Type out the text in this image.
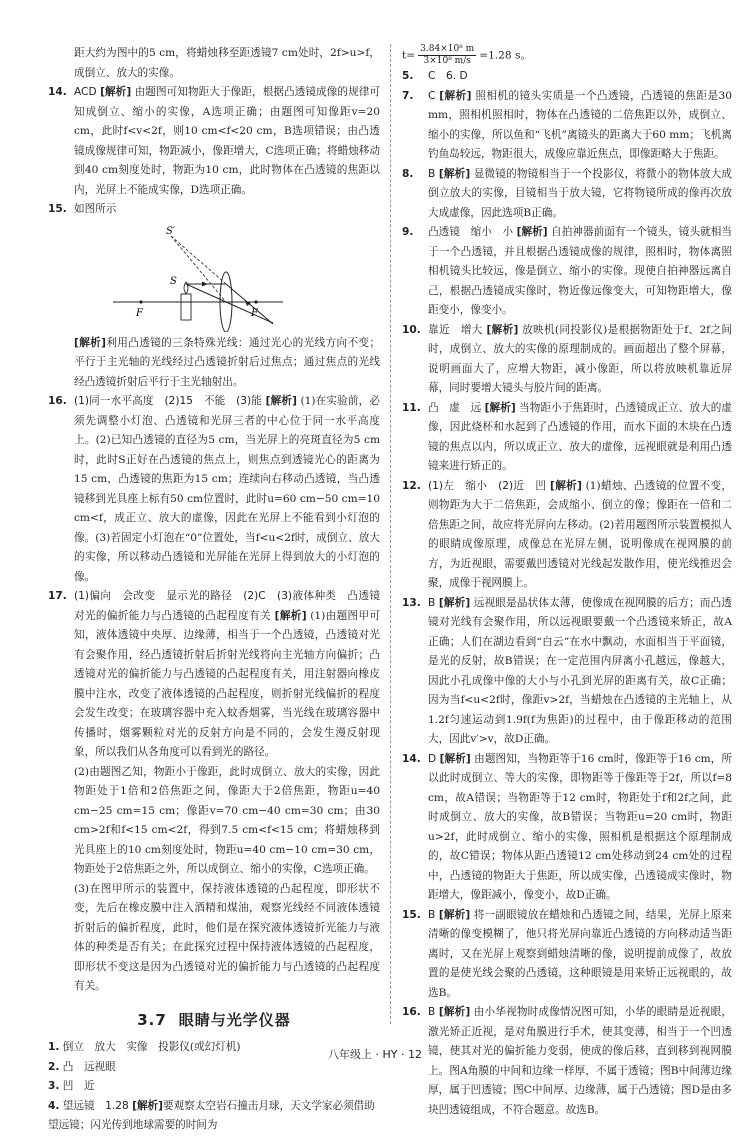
距大约为图中的5 cm，将蜡烛移至距透镜7 cm处时，2f>u>f，成倒立、放大的实像。

14. ACD [解析] 由题图可知物距大于像距，根据凸透镜成像的规律可知成倒立、缩小的实像，A选项正确；由题图可知像距v=20 cm，此时f<v<2f，则10 cm<f<20 cm，B选项错误；由凸透镜成像规律可知，物距减小，像距增大，C选项正确；将蜡烛移动到40 cm刻度处时，物距为10 cm，此时物体在凸透镜的焦距以内，光屏上不能成实像，D选项正确。
15. 如图所示
S′
S
F	F

[解析]利用凸透镜的三条特殊光线：通过光心的光线方向不变；平行于主光轴的光线经过凸透镜折射后过焦点；通过焦点的光线经凸透镜折射后平行于主光轴射出。

16. (1)同一水平高度　(2)15　不能　(3)能 [解析] (1)在实验前，必须先调整小灯泡、凸透镜和光屏三者的中心位于同一水平高度上。(2)已知凸透镜的直径为5 cm，当光屏上的亮斑直径为5 cm时，此时S正好在凸透镜的焦点上，则焦点到透镜光心的距离为15 cm，凸透镜的焦距为15 cm；连续向右移动凸透镜，当凸透镜移到光具座上标有50 cm位置时，此时u=60 cm−50 cm=10 cm<f，成正立、放大的虚像，因此在光屏上不能看到小灯泡的像。(3)若固定小灯泡在“0”位置处，当f<u<2f时，成倒立、放大的实像，所以移动凸透镜和光屏能在光屏上得到放大的小灯泡的像。
17. (1)偏向　会改变　显示光的路径　(2)C　(3)液体种类　凸透镜对光的偏折能力与凸透镜的凸起程度有关 [解析] (1)由题图甲可知，液体透镜中央厚、边缘薄，相当于一个凸透镜，凸透镜对光有会聚作用，经凸透镜折射后折射光线将向主光轴方向偏折；凸透镜对光的偏折能力与凸透镜的凸起程度有关，用注射器向橡皮膜中注水，改变了液体透镜的凸起程度，则折射光线偏折的程度会发生改变；在玻璃容器中充入蚊香烟雾，当光线在玻璃容器中传播时，烟雾颗粒对光的反射方向是不同的，会发生漫反射现象，所以我们从各角度可以看到光的路径。

(2)由题图乙知，物距小于像距，此时成倒立、放大的实像，因此物距处于1倍和2倍焦距之间，像距大于2倍焦距，物距u=40 cm−25 cm=15 cm；像距v=70 cm−40 cm=30 cm；由30 cm>2f和f<15 cm<2f，得到7.5 cm<f<15 cm；将蜡烛移到光具座上的10 cm刻度处时，物距u=40 cm−10 cm=30 cm，物距处于2倍焦距之外，所以成倒立、缩小的实像，C选项正确。

(3)在图甲所示的装置中，保持液体透镜的凸起程度，即形状不变，先后在橡皮膜中注入酒精和煤油，观察光线经不同液体透镜折射后的偏折程度，此时，他们是在探究液体透镜折光能力与液体的种类是否有关；在此探究过程中保持液体透镜的凸起程度，即形状不变这是因为凸透镜对光的偏折能力与凸透镜的凸起程度有关。

3.7 眼睛与光学仪器

1. 倒立　放大　实像　投影仪(或幻灯机)

2. 凸　远视眼

3. 凹　近

4. 望远镜　1.28 [解析]要观察太空岩石撞击月球，天文学家必须借助望远镜；闪光传到地球需要的时间为

$t= \frac{\text{3.84×10⁸ m}}{\text{3×10⁸ m/s}} =1.28$ s。

5. C　6. D
7. C [解析] 照相机的镜头实质是一个凸透镜，凸透镜的焦距是30 mm，照相机照相时，物体在凸透镜的二倍焦距以外，成倒立、缩小的实像，所以鱼和“飞机”离镜头的距离大于60 mm；飞机离钓鱼岛较远，物距很大，成像应靠近焦点，即像距略大于焦距。
8. B [解析] 显微镜的物镜相当于一个投影仪，将微小的物体放大成倒立放大的实像，目镜相当于放大镜，它将物镜所成的像再次放大成虚像，因此选项B正确。
9. 凸透镜　缩小　小 [解析] 自拍神器前面有一个镜头，镜头就相当于一个凸透镜，并且根据凸透镜成像的规律，照相时，物体离照相机镜头比较远，像是倒立、缩小的实像。现使自拍神器远离自己，根据凸透镜成实像时，物近像远像变大，可知物距增大，像距变小，像变小。
10. 靠近　增大 [解析] 放映机(同投影仪)是根据物距处于f、2f之间时，成倒立、放大的实像的原理制成的。画面超出了整个屏幕，说明画面大了，应增大物距，减小像距，所以将放映机靠近屏幕，同时要增大镜头与胶片间的距离。
11. 凸　虚　远 [解析] 当物距小于焦距时，凸透镜成正立、放大的虚像，因此烧杯和水起到了凸透镜的作用，而水下面的木块在凸透镜的焦点以内，所以成正立、放大的虚像，远视眼就是利用凸透镜来进行矫正的。
12. (1)左　缩小　(2)近　凹 [解析] (1)蜡烛、凸透镜的位置不变，则物距为大于二倍焦距，会成缩小、倒立的像；像距在一倍和二倍焦距之间，故应将光屏向左移动。(2)若用题图所示装置模拟人的眼睛成像原理，成像总在光屏左侧，说明像成在视网膜的前方，为近视眼，需要戴凹透镜对光线起发散作用，使光线推迟会聚，成像于视网膜上。
13. B [解析] 远视眼是晶状体太薄，使像成在视网膜的后方；而凸透镜对光线有会聚作用，所以远视眼要戴一个凸透镜来矫正，故A正确；人们在湖边看到“白云”在水中飘动，水面相当于平面镜，是光的反射，故B错误；在一定范围内屏离小孔越远，像越大，因此小孔成像中像的大小与小孔到光屏的距离有关，故C正确；因为当f<u<2f时，像距v>2f，当蜡烛在凸透镜的主光轴上，从1.2f匀速运动到1.9f(f为焦距)的过程中，由于像距移动的范围大，因此v′>v，故D正确。
14. D [解析] 由题图知，当物距等于16 cm时，像距等于16 cm，所以此时成倒立、等大的实像，即物距等于像距等于2f，所以f=8 cm，故A错误；当物距等于12 cm时，物距处于f和2f之间，此时成倒立、放大的实像，故B错误；当物距u=20 cm时，物距u>2f，此时成倒立、缩小的实像，照相机是根据这个原理制成的，故C错误；物体从距凸透镜12 cm处移动到24 cm处的过程中，凸透镜的物距大于焦距，所以成实像，凸透镜成实像时，物距增大，像距减小，像变小，故D正确。
15. B [解析] 将一副眼镜放在蜡烛和凸透镜之间，结果，光屏上原来清晰的像变模糊了，他只将光屏向靠近凸透镜的方向移动适当距离时，又在光屏上观察到蜡烛清晰的像，说明提前成像了，故放置的是使光线会聚的凸透镜，这种眼镜是用来矫正远视眼的，故选B。
16. B [解析] 由小华视物时成像情况图可知，小华的眼睛是近视眼，激光矫正近视，是对角膜进行手术，使其变薄，相当于一个凹透镜，使其对光的偏折能力变弱，使成的像后移，直到移到视网膜上。图A角膜的中间和边缘一样厚，不属于透镜；图B中间薄边缘厚，属于凹透镜；图C中间厚、边缘薄，属于凸透镜；图D是由多块凹透镜组成，不符合题意。故选B。
八年级上 · HY · 12
